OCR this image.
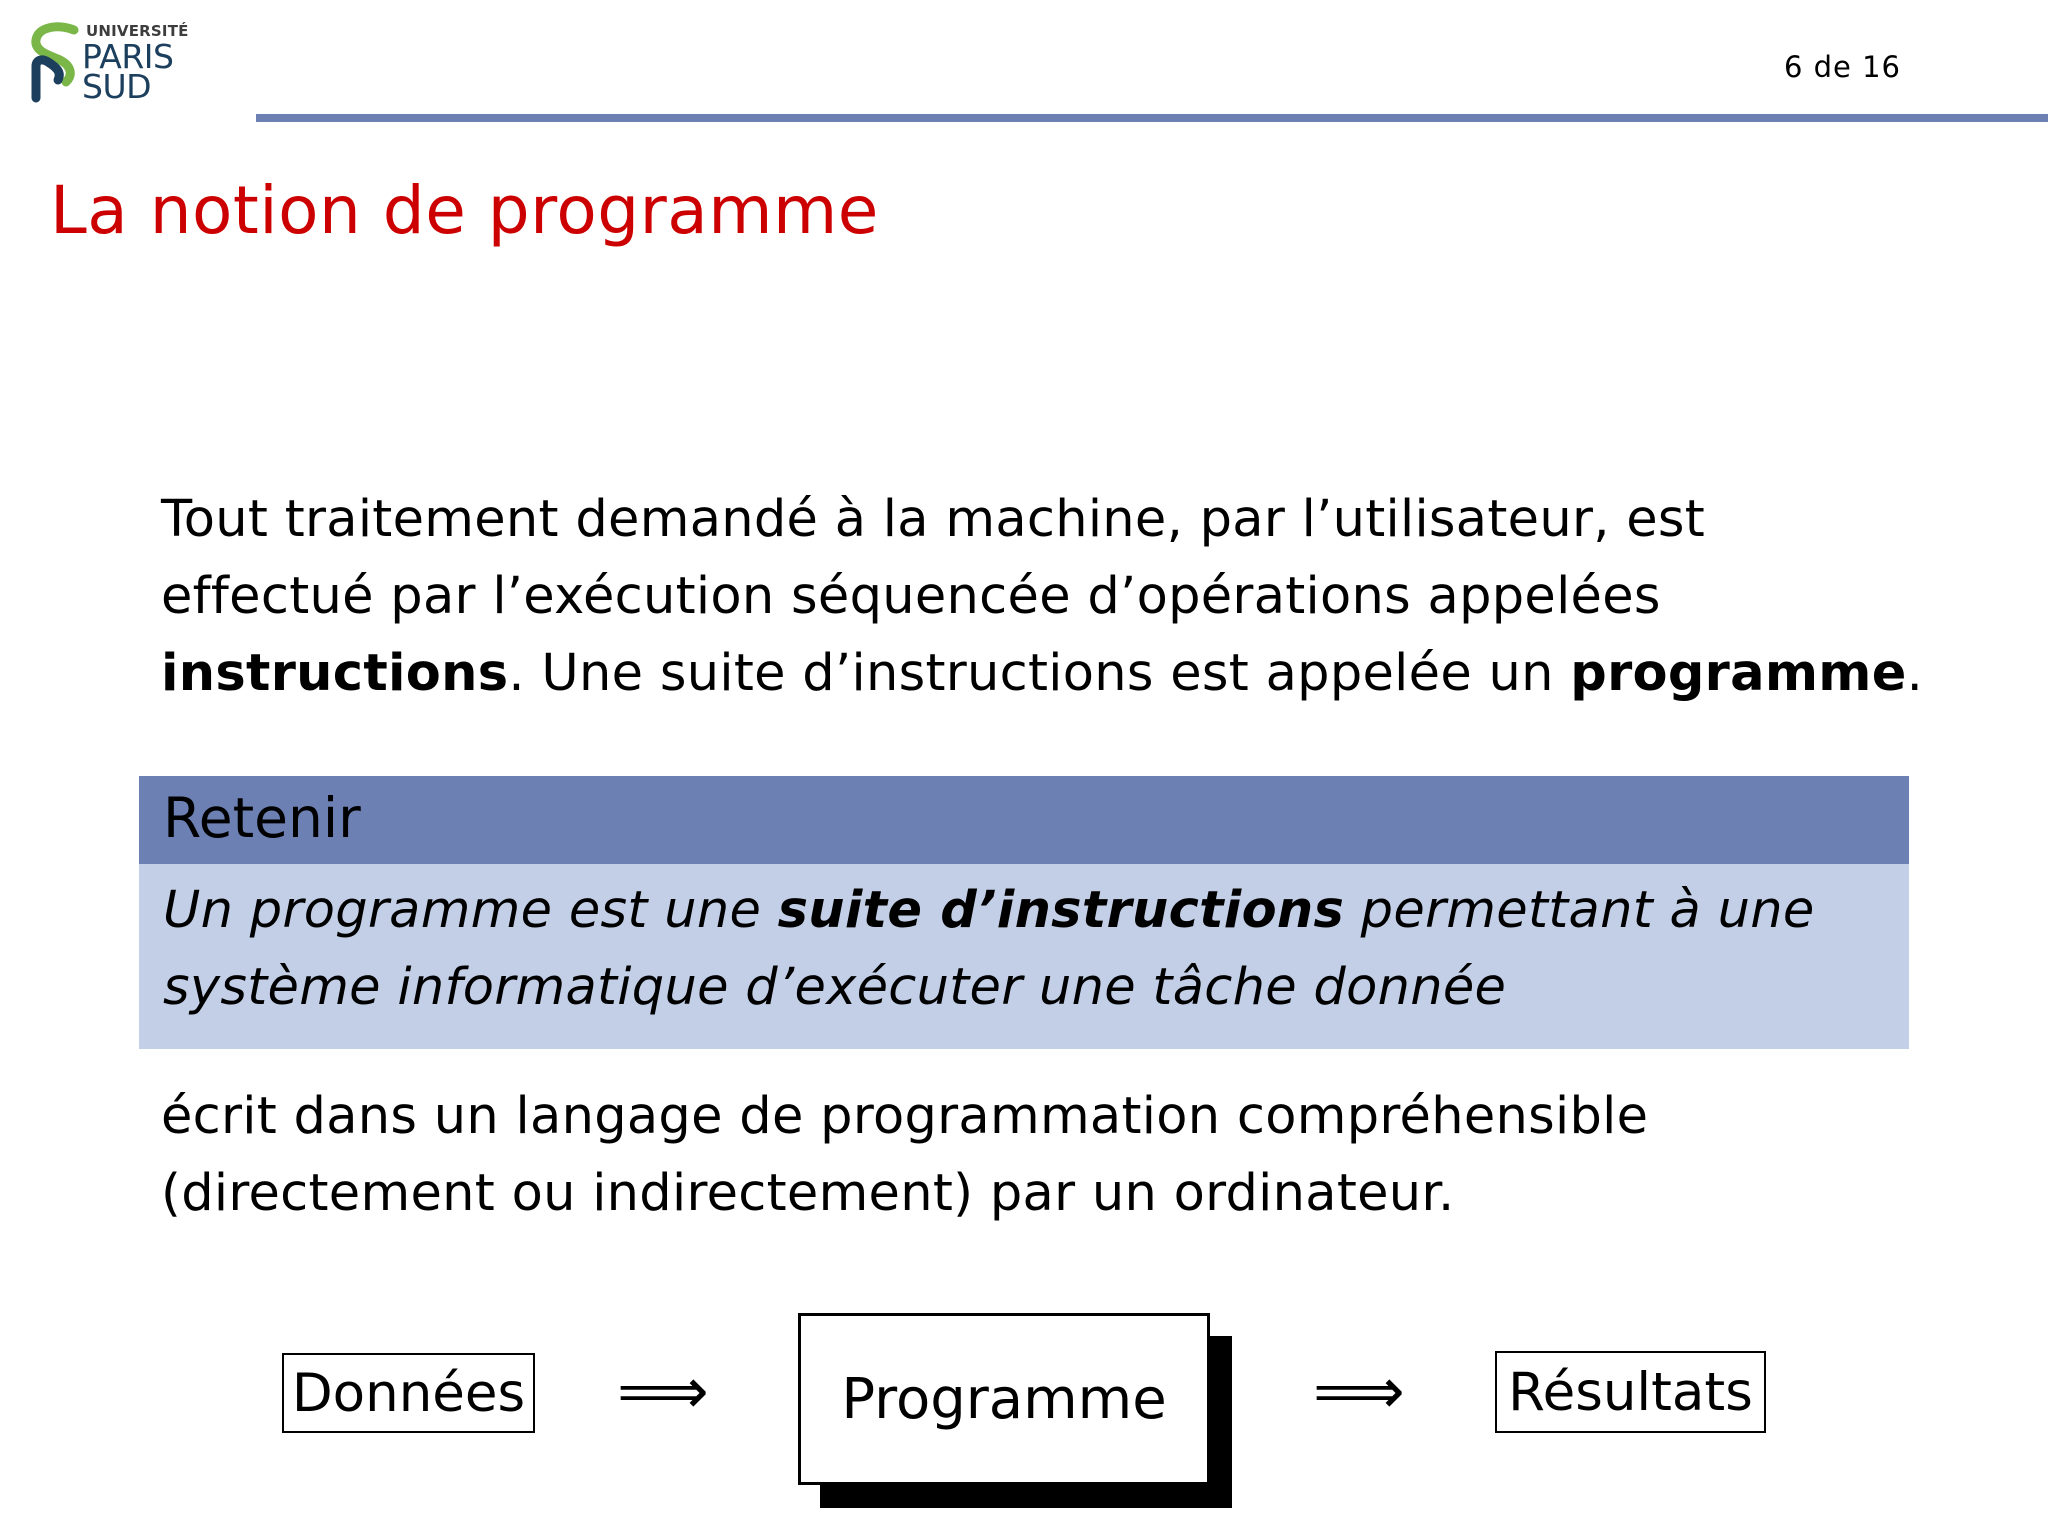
UNIVERSITÉ
PARIS
SUD	6 de 16
La notion de programme
Tout traitement demandé à la machine, par l’utilisateur, est
effectué par l’exécution séquencée d’opérations appelées
instructions. Une suite d’instructions est appelée un programme.
Retenir
Un programme est une suite d’instructions permettant à une
système informatique d’exécuter une tâche donnée
écrit dans un langage de programmation compréhensible
(directement ou indirectement) par un ordinateur.
Données ⟹	Programme	⟹ Résultats
